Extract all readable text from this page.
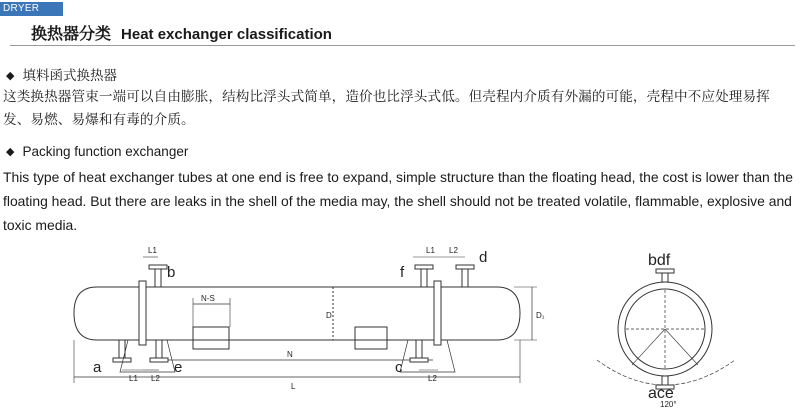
DRYER
换热器分类 Heat exchanger classification
◆ 填料函式换热器
这类换热器管束一端可以自由膨胀，结构比浮头式简单，造价也比浮头式低。但壳程内介质有外漏的可能，壳程中不应处理易挥发、易燃、易爆和有毒的介质。
◆ Packing function exchanger
This type of heat exchanger tubes at one end is free to expand, simple structure than the floating head, the cost is lower than the floating head. But there are leaks in the shell of the media may, the shell should not be treated volatile, flammable, explosive and toxic media.
b	f
d
a	e	c
L1	L1 L2
L1 L2	L2
N-S
D
N
L
D₁
bdf
ace
120°
